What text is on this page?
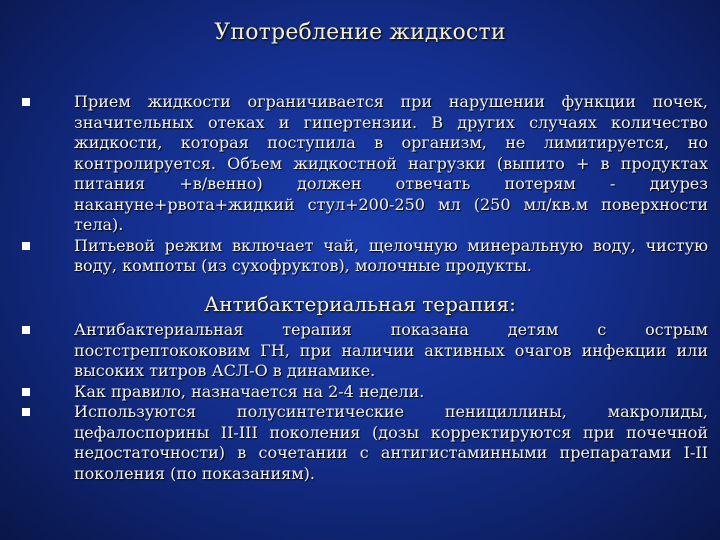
Употребление жидкости
Прием жидкости ограничивается при нарушении функции почек, значительных отеках и гипертензии. В других случаях количество жидкости, которая поступила в организм, не лимитируется, но контролируется. Объем жидкостной нагрузки (выпито + в продуктах питания +в/венно) должен отвечать потерям - диурез накануне+рвота+жидкий стул+200-250 мл (250 мл/кв.м поверхности тела).
Питьевой режим включает чай, щелочную минеральную воду, чистую воду, компоты (из сухофруктов), молочные продукты.
Антибактериальная терапия:
Антибактериальная терапия показана детям с острым постстрептококовим ГН, при наличии активных очагов инфекции или высоких титров АСЛ-О в динамике.
Как правило, назначается на 2-4 недели.
Используются полусинтетические пенициллины, макролиды, цефалоспорины II-III поколения (дозы корректируются при почечной недостаточности) в сочетании с антигистаминными препаратами I-II поколения (по показаниям).
